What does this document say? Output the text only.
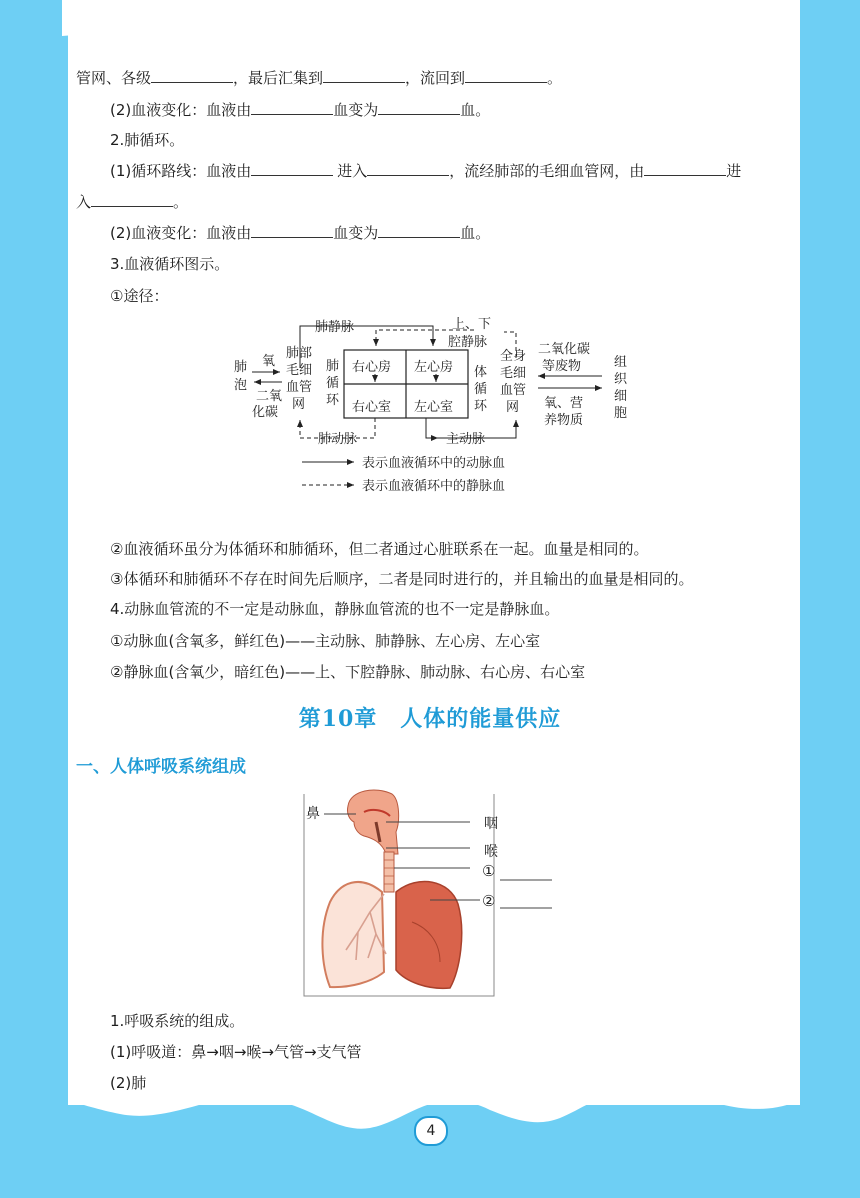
管网、各级	，最后汇集到	，流回到	。
(2)血液变化：血液由	血变为	血。
2.肺循环。
(1)循环路线：血液由	进入	，流经肺部的毛细血管网，由	进
入	。
(2)血液变化：血液由	血变为	血。
3.血液循环图示。
①途径：
右心房 左心房
右心室 左心室
肺静脉	上、下
腔静脉
肺动脉	主动脉
肺
泡
氧
二氧
化碳
肺部
毛细
血管
网
肺
循
环
体
循
环
全身
毛细
血管
网
二氧化碳
等废物
氧、营
养物质
组
织
细
胞
表示血液循环中的动脉血
表示血液循环中的静脉血
②血液循环虽分为体循环和肺循环，但二者通过心脏联系在一起。血量是相同的。
③体循环和肺循环不存在时间先后顺序，二者是同时进行的，并且输出的血量是相同的。
4.动脉血管流的不一定是动脉血，静脉血管流的也不一定是静脉血。
①动脉血(含氧多，鲜红色)——主动脉、肺静脉、左心房、左心室
②静脉血(含氧少，暗红色)——上、下腔静脉、肺动脉、右心房、右心室
第10章　人体的能量供应
一、人体呼吸系统组成
鼻
咽
喉
①
②
1.呼吸系统的组成。
(1)呼吸道：鼻→咽→喉→气管→支气管
(2)肺
4
